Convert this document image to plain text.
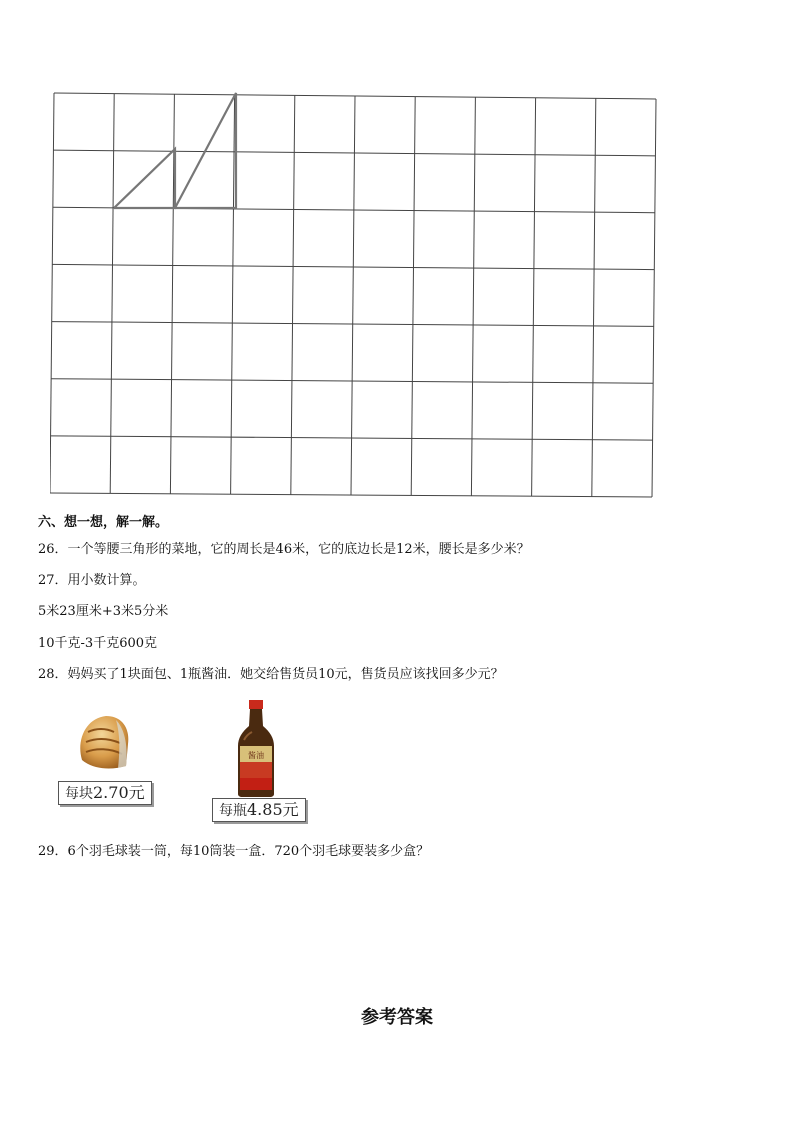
六、想一想，解一解。
26．一个等腰三角形的菜地，它的周长是46米，它的底边长是12米，腰长是多少米？
27．用小数计算。
5米23厘米+3米5分米
10千克-3千克600克
28．妈妈买了1块面包、1瓶酱油．她交给售货员10元，售货员应该找回多少元？
每块2.70元
酱油
每瓶4.85元
29．6个羽毛球装一筒，每10筒装一盒．720个羽毛球要装多少盒？
参考答案
